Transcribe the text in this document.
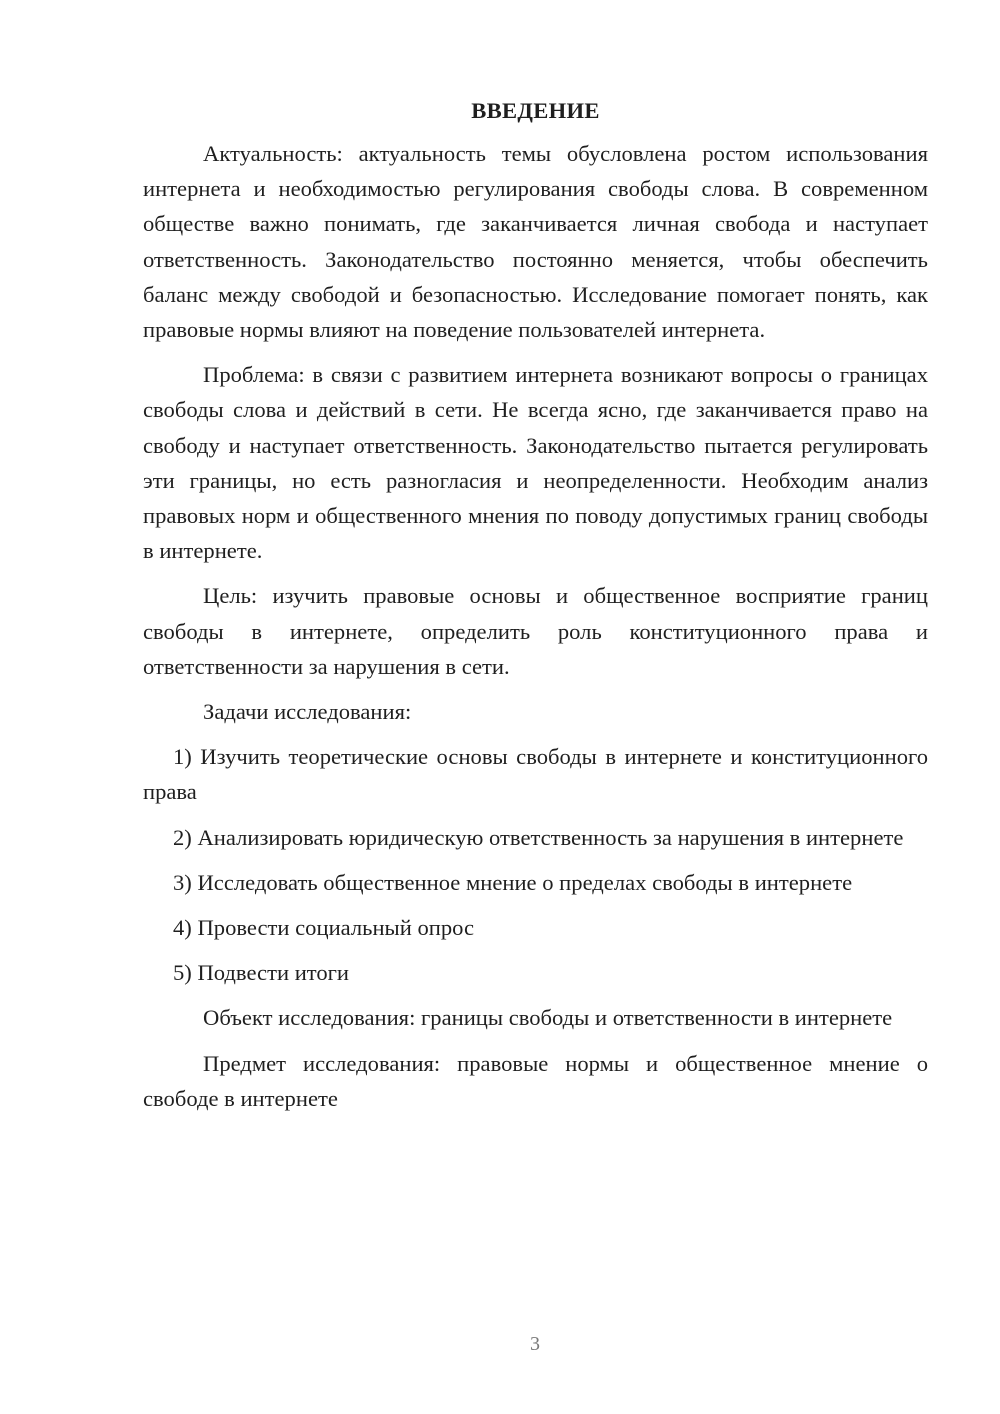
ВВЕДЕНИЕ
Актуальность: актуальность темы обусловлена ростом использования интернета и необходимостью регулирования свободы слова. В современном обществе важно понимать, где заканчивается личная свобода и наступает ответственность. Законодательство постоянно меняется, чтобы обеспечить баланс между свободой и безопасностью. Исследование помогает понять, как правовые нормы влияют на поведение пользователей интернета.
Проблема: в связи с развитием интернета возникают вопросы о границах свободы слова и действий в сети. Не всегда ясно, где заканчивается право на свободу и наступает ответственность. Законодательство пытается регулировать эти границы, но есть разногласия и неопределенности. Необходим анализ правовых норм и общественного мнения по поводу допустимых границ свободы в интернете.
Цель: изучить правовые основы и общественное восприятие границ свободы в интернете, определить роль конституционного права и ответственности за нарушения в сети.
Задачи исследования:
1) Изучить теоретические основы свободы в интернете и конституционного права
2) Анализировать юридическую ответственность за нарушения в интернете
3) Исследовать общественное мнение о пределах свободы в интернете
4) Провести социальный опрос
5) Подвести итоги
Объект исследования: границы свободы и ответственности в интернете
Предмет исследования: правовые нормы и общественное мнение о свободе в интернете
3
